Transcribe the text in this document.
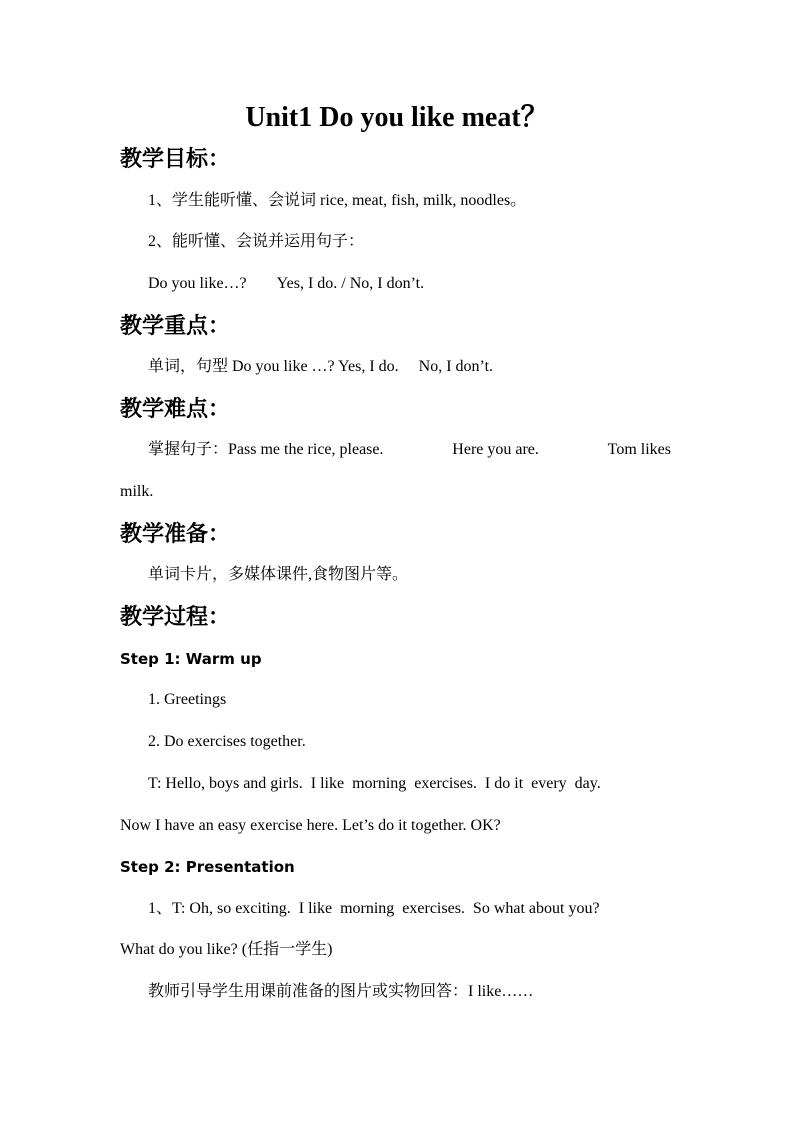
Unit1 Do you like meat？
教学目标：
1、学生能听懂、会说词 rice, meat, fish, milk, noodles。
2、能听懂、会说并运用句子：
Do you like…? Yes, I do. / No, I don’t.
教学重点：
单词，句型 Do you like …? Yes, I do. No, I don’t.
教学难点：
掌握句子：Pass me the rice, please.	Here you are.	Tom likes
milk.
教学准备：
单词卡片，多媒体课件,食物图片等。
教学过程：
Step 1: Warm up
1. Greetings
2. Do exercises together.
T: Hello, boys and girls.  I like  morning  exercises.  I do it  every  day.
Now I have an easy exercise here. Let’s do it together. OK?
Step 2: Presentation
1、T: Oh, so exciting.  I like  morning  exercises.  So what about you?
What do you like? (任指一学生)
教师引导学生用课前准备的图片或实物回答：I like……
